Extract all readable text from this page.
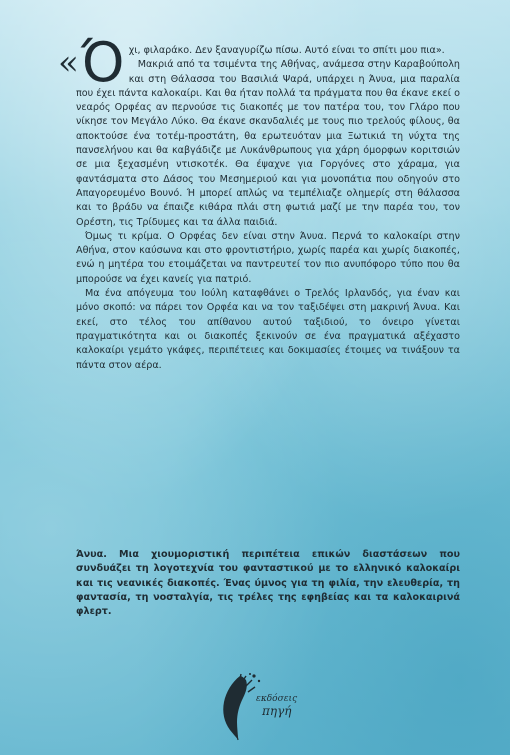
« Ό χι, φιλαράκο. Δεν ξαναγυρίζω πίσω. Αυτό είναι το σπίτι μου πια».

Μακριά από τα τσιμέντα της Αθήνας, ανάμεσα στην Καραβούπολη και στη Θάλασσα του Βασιλιά Ψαρά, υπάρχει η Άνυα, μια παραλία που έχει πάντα καλοκαίρι. Και θα ήταν πολλά τα πράγματα που θα έκανε εκεί ο νεαρός Ορφέας αν περνούσε τις διακοπές με τον πατέρα του, τον Γλάρο που νίκησε τον Μεγάλο Λύκο. Θα έκανε σκανδαλιές με τους πιο τρελούς φίλους, θα αποκτούσε ένα τοτέμ-προστάτη, θα ερωτευόταν μια Ξωτικιά τη νύχτα της πανσελήνου και θα καβγάδιζε με Λυκάνθρωπους για χάρη όμορφων κοριτσιών σε μια ξεχασμένη ντισκοτέκ. Θα έψαχνε για Γοργόνες στο χάραμα, για φαντάσματα στο Δάσος του Μεσημεριού και για μονοπάτια που οδηγούν στο Απαγορευμένο Βουνό. Ή μπορεί απλώς να τεμπέλιαζε ολημερίς στη θάλασσα και το βράδυ να έπαιζε κιθάρα πλάι στη φωτιά μαζί με την παρέα του, τον Ορέστη, τις Τρίδυμες και τα άλλα παιδιά.

Όμως τι κρίμα. Ο Ορφέας δεν είναι στην Άνυα. Περνά το καλοκαίρι στην Αθήνα, στον καύσωνα και στο φροντιστήριο, χωρίς παρέα και χωρίς διακοπές, ενώ η μητέρα του ετοιμάζεται να παντρευτεί τον πιο ανυπόφορο τύπο που θα μπορούσε να έχει κανείς για πατριό.

Μα ένα απόγευμα του Ιούλη καταφθάνει ο Τρελός Ιρλανδός, για έναν και μόνο σκοπό: να πάρει τον Ορφέα και να τον ταξιδέψει στη μακρινή Άνυα. Και εκεί, στο τέλος του απίθανου αυτού ταξιδιού, το όνειρο γίνεται πραγματικότητα και οι διακοπές ξεκινούν σε ένα πραγματικά αξέχαστο καλοκαίρι γεμάτο γκάφες, περιπέτειες και δοκιμασίες έτοιμες να τινάξουν τα πάντα στον αέρα.

Άνυα. Μια χιουμοριστική περιπέτεια επικών διαστάσεων που συνδυάζει τη λογοτεχνία του φανταστικού με το ελληνικό καλοκαίρι και τις νεανικές διακοπές. Ένας ύμνος για τη φιλία, την ελευθερία, τη φαντασία, τη νοσταλγία, τις τρέλες της εφηβείας και τα καλοκαιρινά φλερτ.

εκδόσεις
πηγή
